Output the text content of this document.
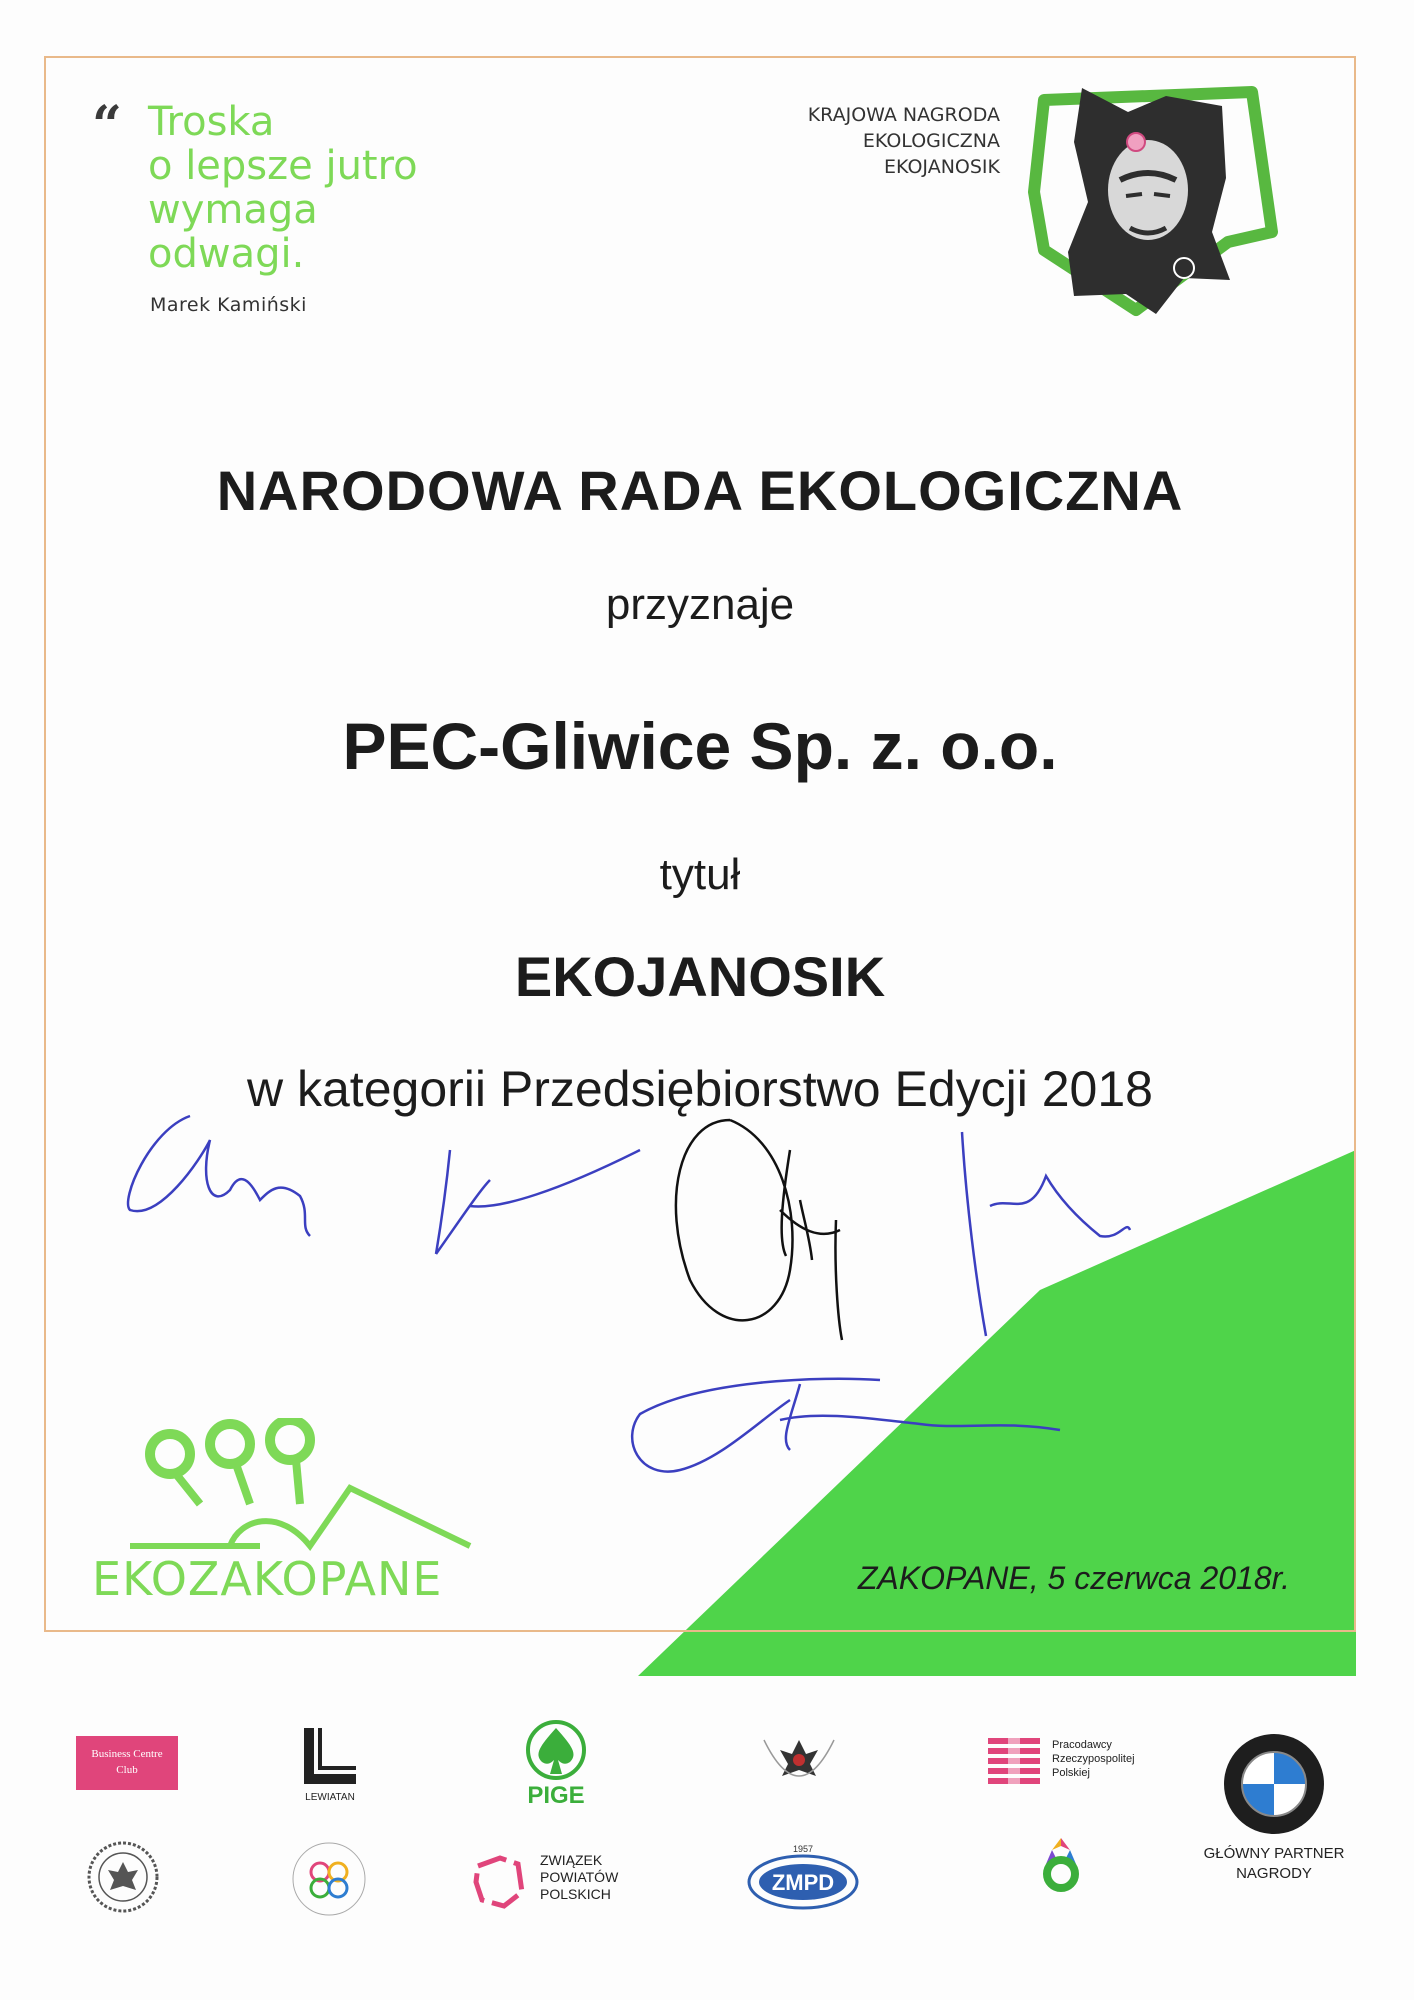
“ Troska
o lepsze jutro
wymaga
odwagi.
Marek Kamiński
KRAJOWA NAGRODA
EKOLOGICZNA
EKOJANOSIK
NARODOWA RADA EKOLOGICZNA
przyznaje
PEC-Gliwice Sp. z. o.o.
tytuł
EKOJANOSIK
w kategorii Przedsiębiorstwo Edycji 2018
EKOZAKOPANE	ZAKOPANE, 5 czerwca 2018r.
Business Centre
Club
LEWIATAN	PIGE
Pracodawcy
Rzeczypospolitej
Polskiej
GŁÓWNY PARTNER
NAGRODY
ZWIĄZEK
POWIATÓW
POLSKICH	ZMPD
1957
